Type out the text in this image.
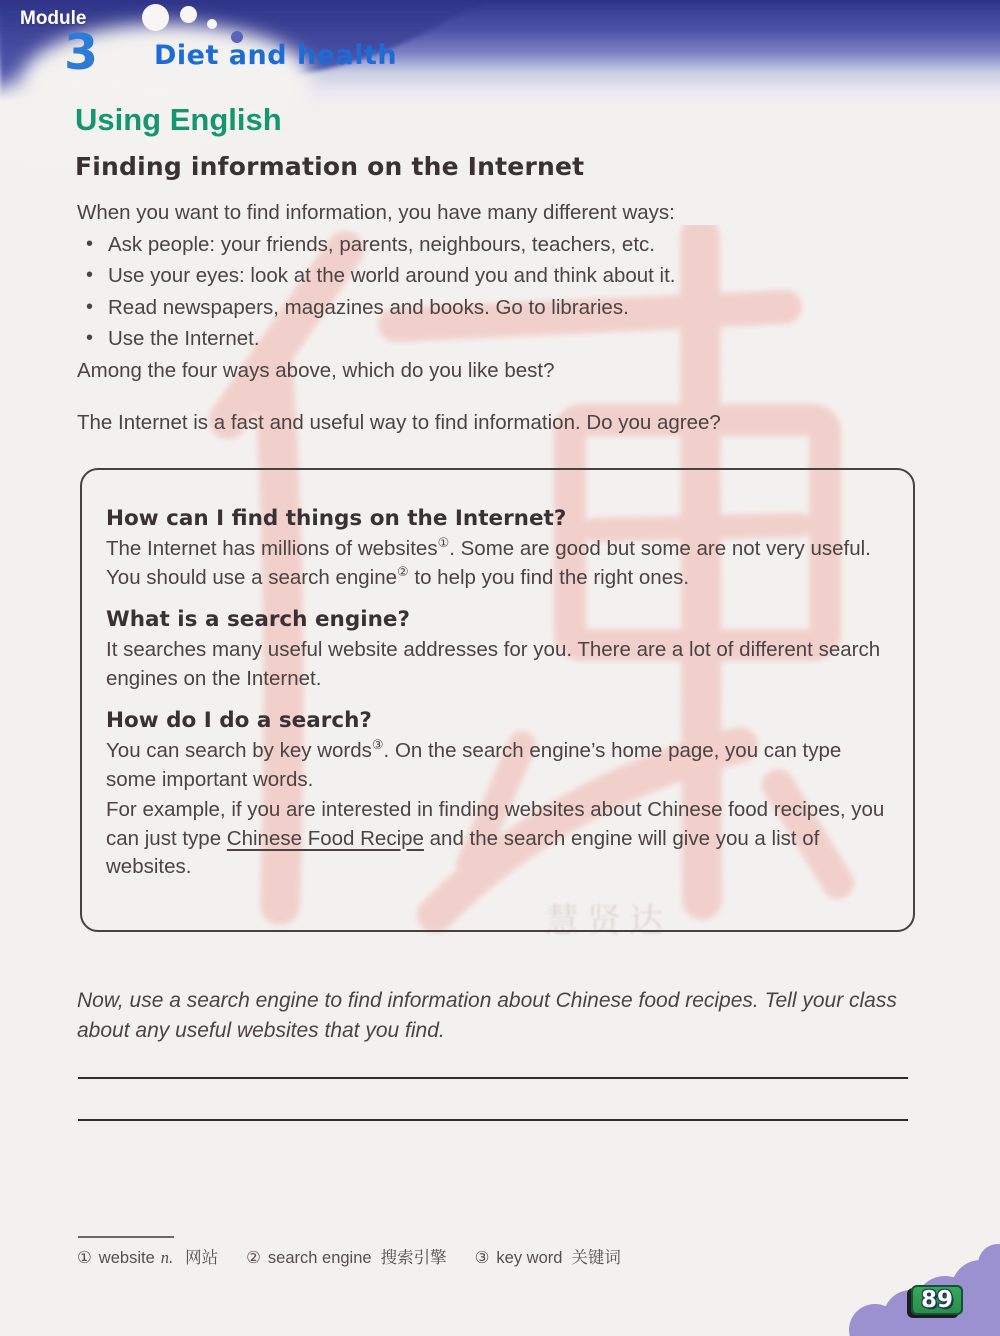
Module
3 Diet and health
慧贤达
Using English
Finding information on the Internet
When you want to find information, you have many different ways:
• Ask people: your friends, parents, neighbours, teachers, etc.
• Use your eyes: look at the world around you and think about it.
• Read newspapers, magazines and books. Go to libraries.
• Use the Internet.
Among the four ways above, which do you like best?
The Internet is a fast and useful way to find information. Do you agree?
How can I find things on the Internet?

The Internet has millions of websites①. Some are good but some are not very useful. You should use a search engine② to help you find the right ones.

What is a search engine?

It searches many useful website addresses for you. There are a lot of different search engines on the Internet.

How do I do a search?

You can search by key words③. On the search engine’s home page, you can type some important words.

For example, if you are interested in finding websites about Chinese food recipes, you can just type Chinese Food Recipe and the search engine will give you a list of websites.

Now, use a search engine to find information about Chinese food recipes. Tell your class about any useful websites that you find.
① website n. 网站 ② search engine 搜索引擎 ③ key word 关键词
89
